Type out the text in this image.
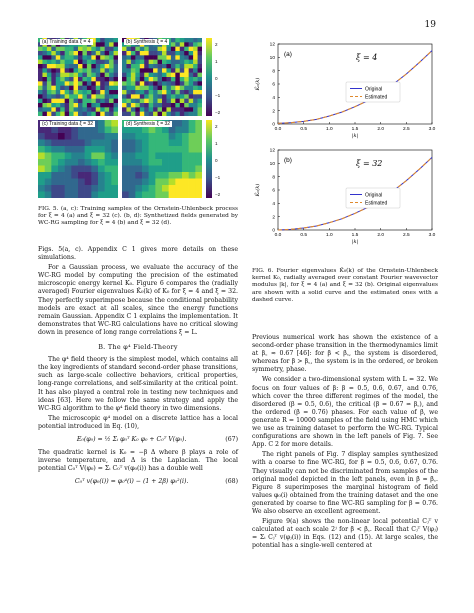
19
(a) Training data ξ = 4	(b) Synthesis ξ = 4
(c) Training data ξ = 32	(d) Synthesis ξ = 32
2
1
0
−1
−2
2
1
0
−1
−2
FIG. 5. (a, c): Training samples of the Ornstein-Uhlenbeck process for ξ = 4 (a) and ξ = 32 (c). (b, d): Synthetized fields generated by WC-RG sampling for ξ = 4 (b) and ξ = 32 (d).

Figs. 5(a, c). Appendix C 1 gives more details on these simulations.

For a Gaussian process, we evaluate the accuracy of the WC-RG model by computing the precision of the estimated microscopic energy kernel K₀. Figure 6 compares the (radially averaged) Fourier eigenvalues K̂₀(k) of K₀ for ξ = 4 and ξ = 32. They perfectly superimpose because the conditional probability models are exact at all scales, since the energy functions remain Gaussian. Appendix C 1 explains the implementation. It demonstrates that WC-RG calculations have no critical slowing down in presence of long range correlations ξ = L.

B. The φ⁴ Field-Theory

The φ⁴ field theory is the simplest model, which contains all the key ingredients of standard second-order phase transitions, such as large-scale collective behaviors, critical properties, long-range correlations, and self-similarity at the critical point. It has also played a central role in testing new techniques and ideas [63]. Here we follow the same strategy and apply the WC-RG algorithm to the φ⁴ field theory in two dimensions.

The microscopic φ⁴ model on a discrete lattice has a local potential introduced in Eq. (10),

E₀(φ₀) = ½ Σᵢ φ₀ᵀ K₀ φ₀ + C₀ᵀ V(φ₀).	(67)

The quadratic kernel is K₀ = −β Δ where β plays a role of inverse temperature, and Δ is the Laplacian. The local potential C₀ᵀ V(φ₀) = Σᵢ C₀ᵀ v(φ₀(i)) has a double well

C₀ᵀ v(φ₀(i)) = φ₀⁴(i) − (1 + 2β) φ₀²(i).	(68)
0.0	0.5	1.0	1.5	2.0	2.5	3.0
0
2
4
6
8
10
12
|k|
K̂₀(k)
(a)	ξ = 4
Original
Estimated
0.0	0.5	1.0	1.5	2.0	2.5	3.0
0
2
4
6
8
10
12
|k|
K̂₀(k)
(b)	ξ = 32
Original
Estimated
FIG. 6. Fourier eigenvalues K̂₀(k) of the Ornstein-Uhlenbeck kernel K₀, radially averaged over constant Fourier wavevector modulus |k|, for ξ = 4 (a) and ξ = 32 (b). Original eigenvalues are shown with a solid curve and the estimated ones with a dashed curve.

Previous numerical work has shown the existence of a second-order phase transition in the thermodynamics limit at β꜀ ≈ 0.67 [46]: for β < β꜀, the system is disordered, whereas for β > β꜀, the system is in the ordered, or broken symmetry, phase.

We consider a two-dimensional system with L = 32. We focus on four values of β: β = 0.5, 0.6, 0.67, and 0.76, which cover the three different regimes of the model, the disordered (β = 0.5, 0.6), the critical (β = 0.67 ≃ β꜀), and the ordered (β = 0.76) phases. For each value of β, we generate R = 10000 samples of the field using HMC which we use as training dataset to perform the WC-RG. Typical configurations are shown in the left panels of Fig. 7. See App. C 2 for more details.

The right panels of Fig. 7 display samples synthesized with a coarse to fine WC-RG, for β = 0.5, 0.6, 0.67, 0.76. They visually can not be discriminated from samples of the original model depicted in the left panels, even in β ≃ β꜀. Figure 8 superimposes the marginal histogram of field values φ₀(i) obtained from the training dataset and the one generated by coarse to fine WC-RG sampling for β = 0.76. We also observe an excellent agreement.

Figure 9(a) shows the non-linear local potential Cⱼᵀ v calculated at each scale 2ʲ for β < β꜀. Recall that Cⱼᵀ V(φⱼ) = Σᵢ Cⱼᵀ v(φⱼ(i)) in Eqs. (12) and (15). At large scales, the potential has a single-well centered at
